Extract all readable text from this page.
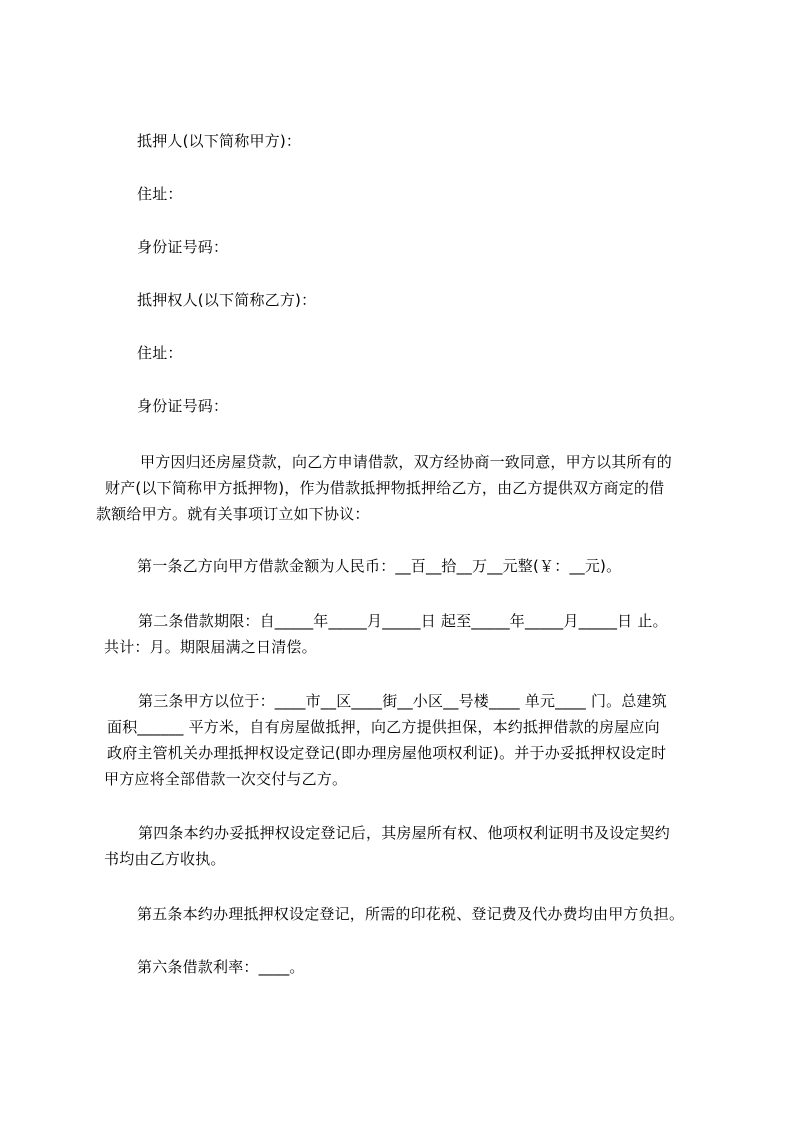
抵押人(以下简称甲方)：

住址：

身份证号码：

抵押权人(以下简称乙方)：

住址：

身份证号码：

甲方因归还房屋贷款，向乙方申请借款，双方经协商一致同意，甲方以其所有的
财产(以下简称甲方抵押物)，作为借款抵押物抵押给乙方，由乙方提供双方商定的借
款额给甲方。就有关事项订立如下协议：

第一条乙方向甲方借款金额为人民币：__百__拾__万__元整(￥：__元)。

第二条借款期限：自_____年_____月_____日 起至_____年_____月_____日 止。
共计：月。期限届满之日清偿。
第三条甲方以位于：____市__区____街__小区__号楼____ 单元____ 门。总建筑
面积______ 平方米，自有房屋做抵押，向乙方提供担保，本约抵押借款的房屋应向
政府主管机关办理抵押权设定登记(即办理房屋他项权利证)。并于办妥抵押权设定时
甲方应将全部借款一次交付与乙方。
第四条本约办妥抵押权设定登记后，其房屋所有权、他项权利证明书及设定契约
书均由乙方收执。

第五条本约办理抵押权设定登记，所需的印花税、登记费及代办费均由甲方负担。

第六条借款利率：____。
